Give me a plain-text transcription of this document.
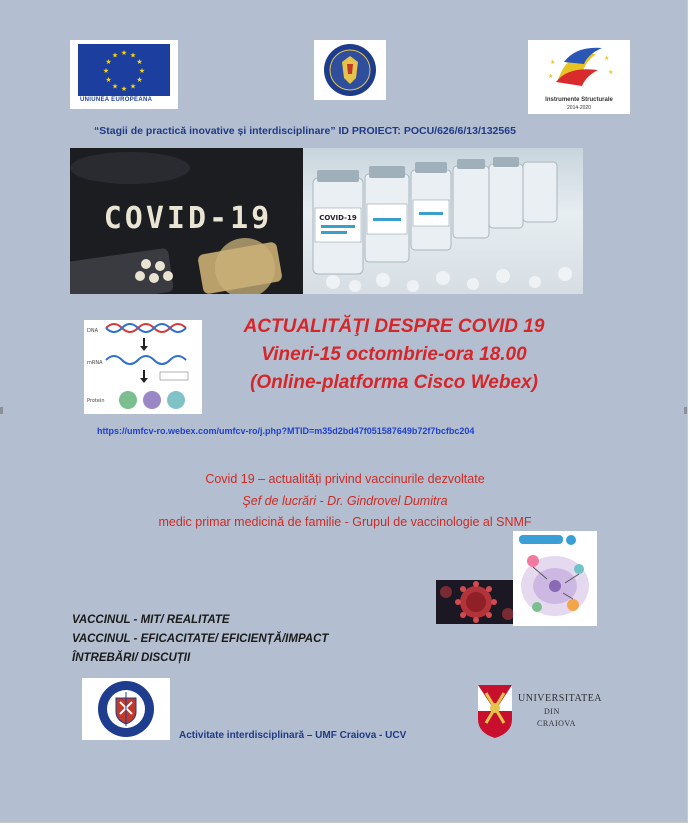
★ ★
★
★
★
★
★
★
★
★
★
★
UNIUNEA EUROPEANĂ
★
★
★
★
Instrumente Structurale
2014-2020
“Stagii de practică inovative și interdisciplinare” ID PROIECT: POCU/626/6/13/132565
COVID-19	COVID-19
DNA
mRNA
Protein
ACTUALITĂŢI DESPRE COVID 19
Vineri-15 octombrie-ora 18.00
(Online-platforma Cisco Webex)
https://umfcv-ro.webex.com/umfcv-ro/j.php?MTID=m35d2bd47f051587649b72f7bcfbc204
Covid 19 – actualități privind vaccinurile dezvoltate
Şef de lucrări - Dr. Gindrovel Dumitra
medic primar medicină de familie - Grupul de vaccinologie al SNMF
VACCINUL - MIT/ REALITATE
VACCINUL - EFICACITATE/ EFICIENȚĂ/IMPACT
ÎNTREBĂRI/ DISCUȚII
Activitate interdisciplinară – UMF Craiova - UCV
UNIVERSITATEA
DIN
CRAIOVA
